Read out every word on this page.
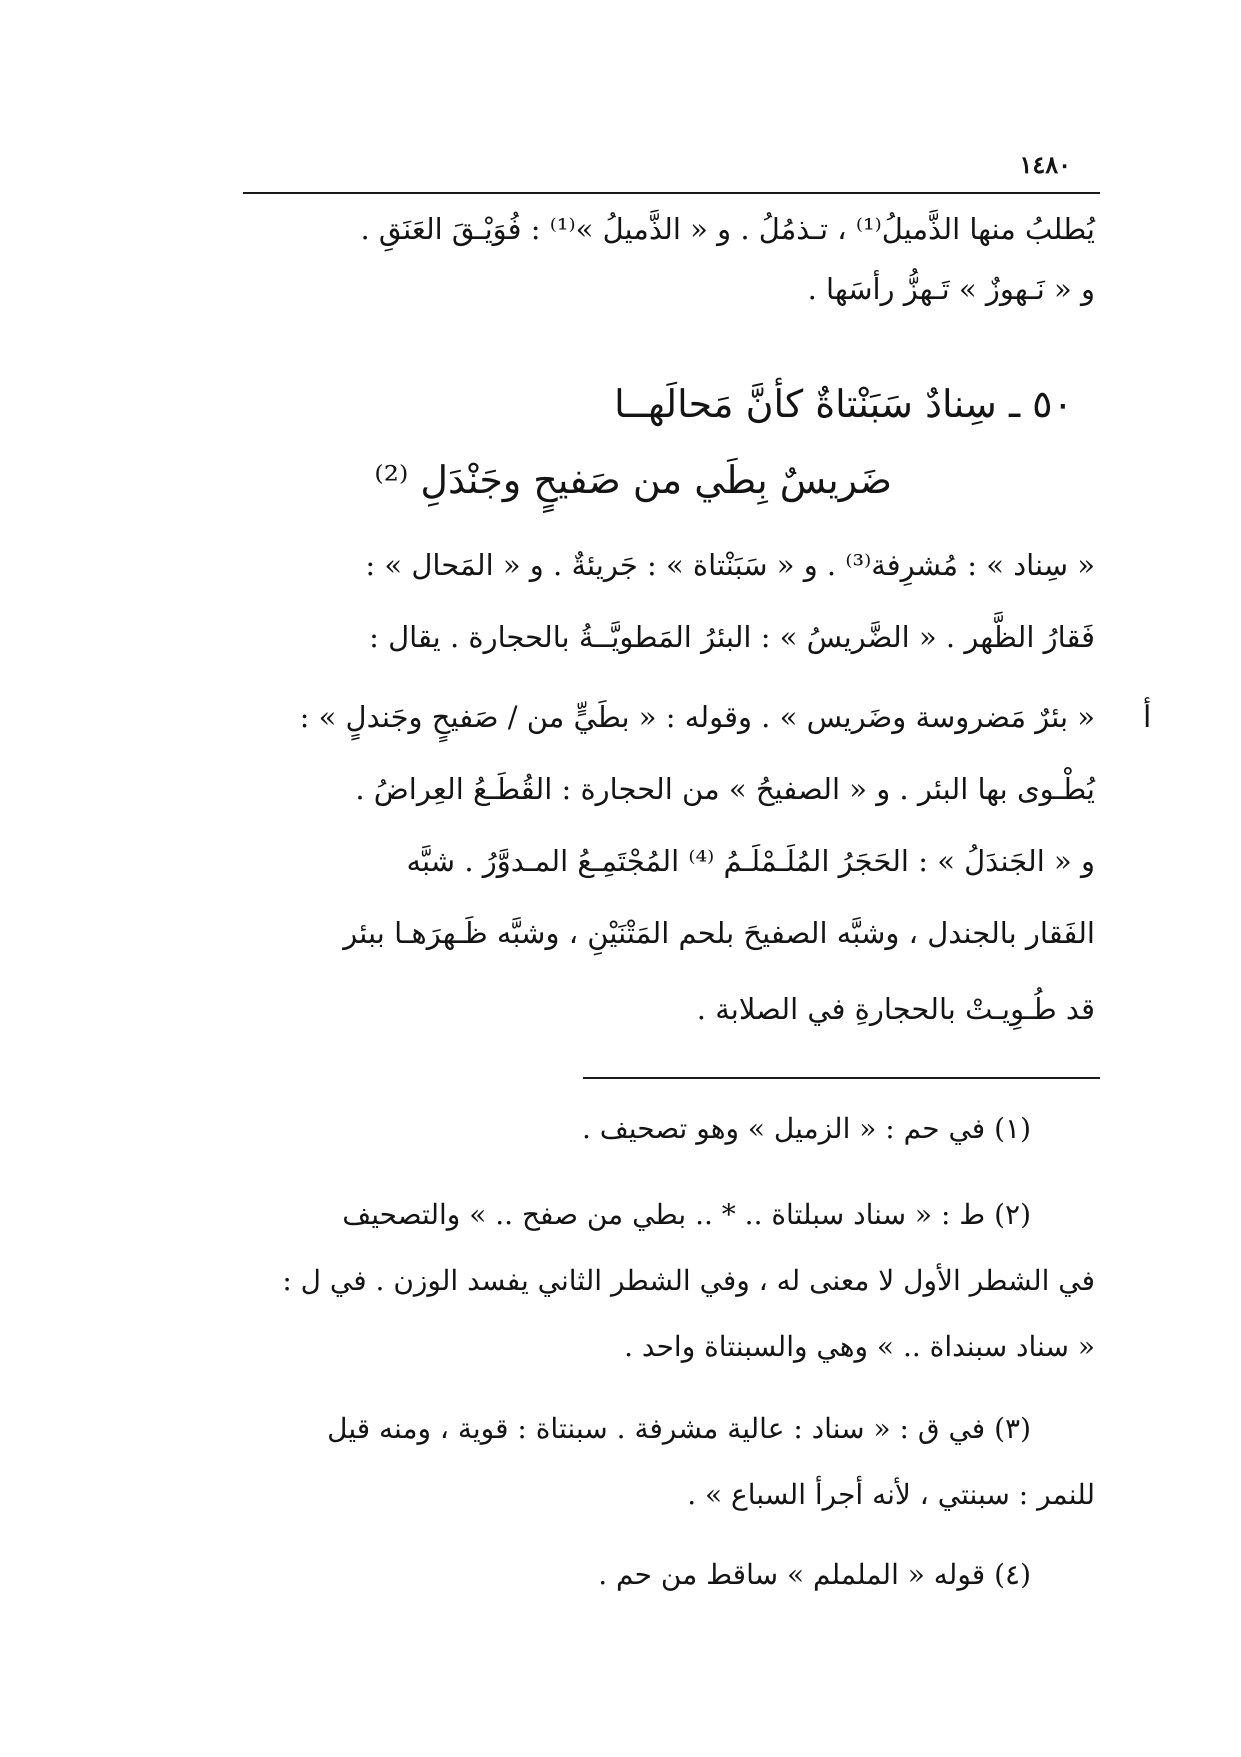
١٤٨٠
يُطلبُ منها الذَّميلُ⁽¹⁾ ، تـذمُلُ . و « الذَّميلُ »⁽¹⁾ : فُوَيْـقَ العَنَقِ .
و « نَـهوزٌ » تَـهزُّ رأسَها .
٥٠ ـ سِنادٌ سَبَنْتاةٌ كأنَّ مَحالَهــا
ضَريسٌ بِطَي من صَفيحٍ وجَنْدَلِ ⁽²⁾
« سِناد » : مُشرِفة⁽³⁾ . و « سَبَنْتاة » : جَريئةٌ . و « المَحال » :
فَقارُ الظَّهر . « الضَّريسُ » : البئرُ المَطويَّــةُ بالحجارة . يقال :
« بئرٌ مَضروسة وضَريس » . وقوله : « بطَيٍّ من / صَفيحٍ وجَندلٍ » :
يُطْـوى بها البئر . و « الصفيحُ » من الحجارة : القُطَـعُ العِراضُ .
و « الجَندَلُ » : الحَجَرُ المُلَـمْلَـمُ ⁽⁴⁾ المُجْتَمِـعُ المـدوَّرُ . شبَّه
الفَقار بالجندل ، وشبَّه الصفيحَ بلحم المَتْنَيْنِ ، وشبَّه ظَـهرَهـا ببئر
قد طُـوِيـتْ بالحجارةِ في الصلابة .
أ
(١) في حم : « الزميل » وهو تصحيف .
(٢) ط : « سناد سبلتاة .. * .. بطي من صفح .. » والتصحيف
في الشطر الأول لا معنى له ، وفي الشطر الثاني يفسد الوزن . في ل :
« سناد سبنداة .. » وهي والسبنتاة واحد .
(٣) في ق : « سناد : عالية مشرفة . سبنتاة : قوية ، ومنه قيل
للنمر : سبنتي ، لأنه أجرأ السباع » .
(٤) قوله « الململم » ساقط من حم .
